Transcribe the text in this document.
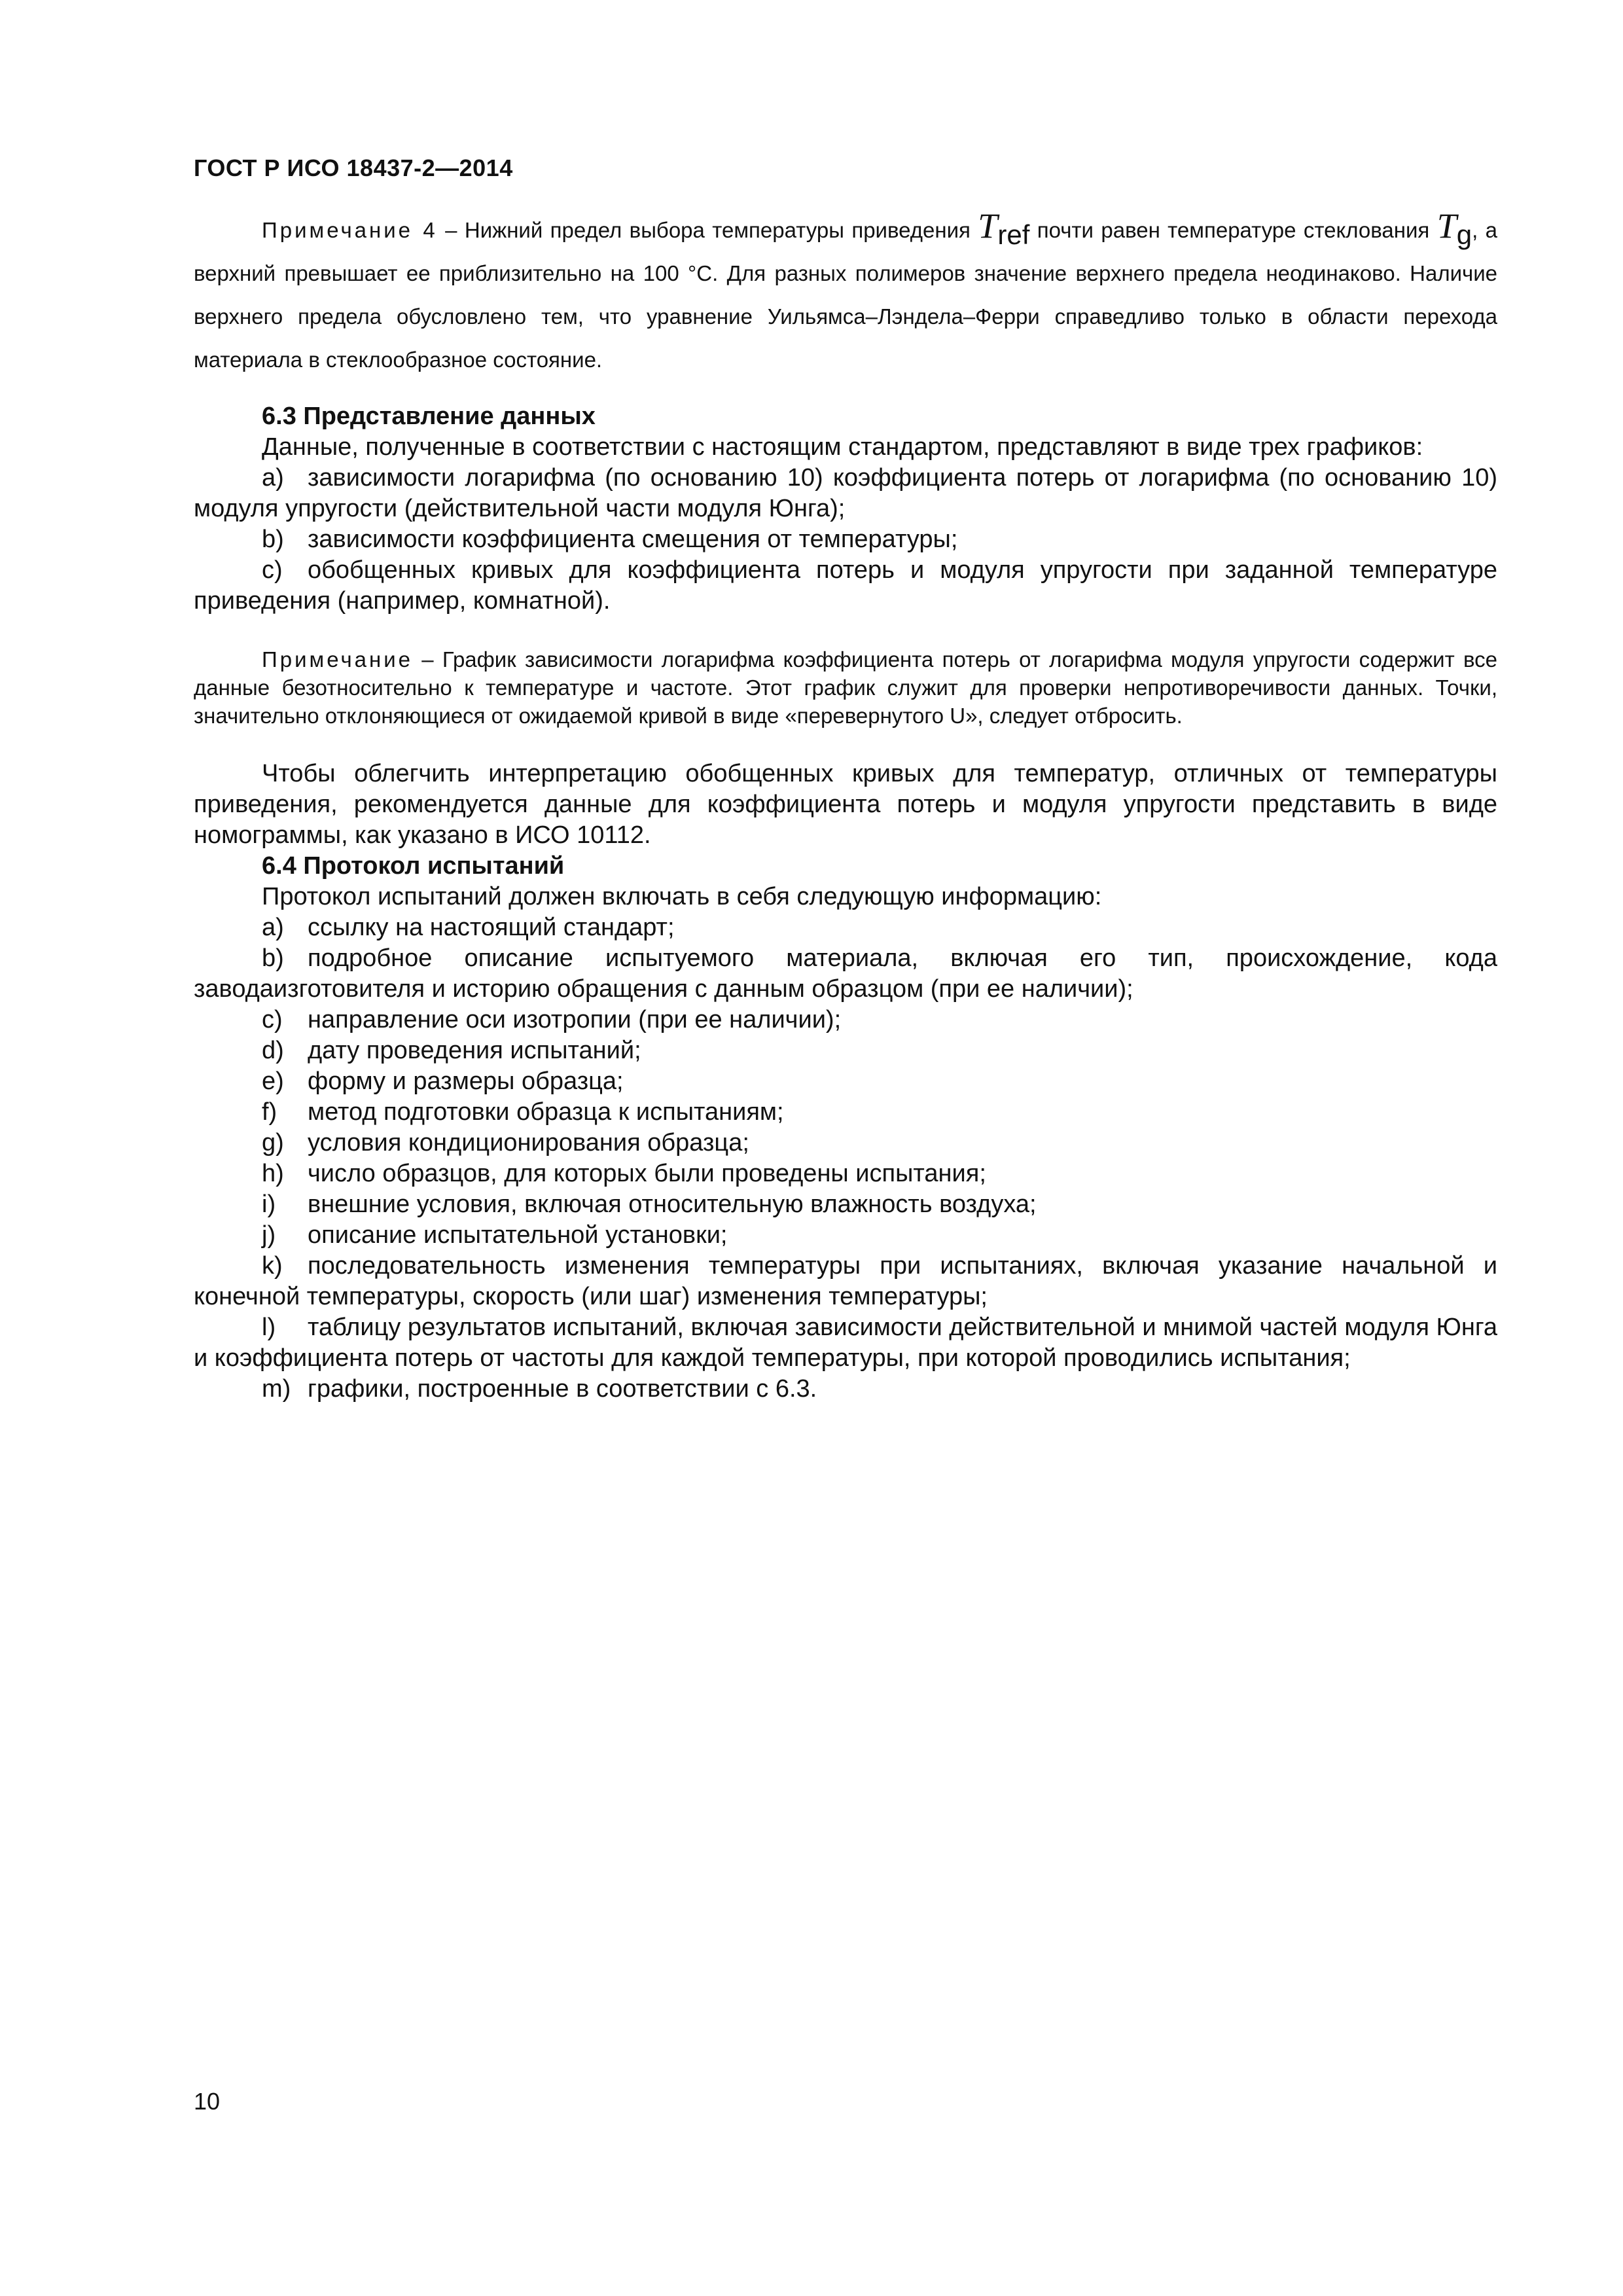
ГОСТ Р ИСО 18437-2—2014

Примечание 4 – Нижний предел выбора температуры приведения Tref почти равен температуре стеклования Tg, а верхний превышает ее приблизительно на 100 °С. Для разных полимеров значение верхнего предела неодинаково. Наличие верхнего предела обусловлено тем, что уравнение Уильямса–Лэндела–Ферри справедливо только в области перехода материала в стеклообразное состояние.

6.3 Представление данных

Данные, полученные в соответствии с настоящим стандартом, представляют в виде трех графиков:

a) зависимости логарифма (по основанию 10) коэффициента потерь от логарифма (по основанию 10) модуля упругости (действительной части модуля Юнга);

b) зависимости коэффициента смещения от температуры;

c) обобщенных кривых для коэффициента потерь и модуля упругости при заданной температуре приведения (например, комнатной).

Примечание – График зависимости логарифма коэффициента потерь от логарифма модуля упругости содержит все данные безотносительно к температуре и частоте. Этот график служит для проверки непротиворечивости данных. Точки, значительно отклоняющиеся от ожидаемой кривой в виде «перевернутого U», следует отбросить.

Чтобы облегчить интерпретацию обобщенных кривых для температур, отличных от температуры приведения, рекомендуется данные для коэффициента потерь и модуля упругости представить в виде номограммы, как указано в ИСО 10112.

6.4 Протокол испытаний

Протокол испытаний должен включать в себя следующую информацию:

a) ссылку на настоящий стандарт;

b) подробное описание испытуемого материала, включая его тип, происхождение, кода заводаизготовителя и историю обращения с данным образцом (при ее наличии);

c) направление оси изотропии (при ее наличии);

d) дату проведения испытаний;

e) форму и размеры образца;

f) метод подготовки образца к испытаниям;

g) условия кондиционирования образца;

h) число образцов, для которых были проведены испытания;

i) внешние условия, включая относительную влажность воздуха;

j) описание испытательной установки;

k) последовательность изменения температуры при испытаниях, включая указание начальной и конечной температуры, скорость (или шаг) изменения температуры;

l) таблицу результатов испытаний, включая зависимости действительной и мнимой частей модуля Юнга и коэффициента потерь от частоты для каждой температуры, при которой проводились испытания;

m) графики, построенные в соответствии с 6.3.

10
